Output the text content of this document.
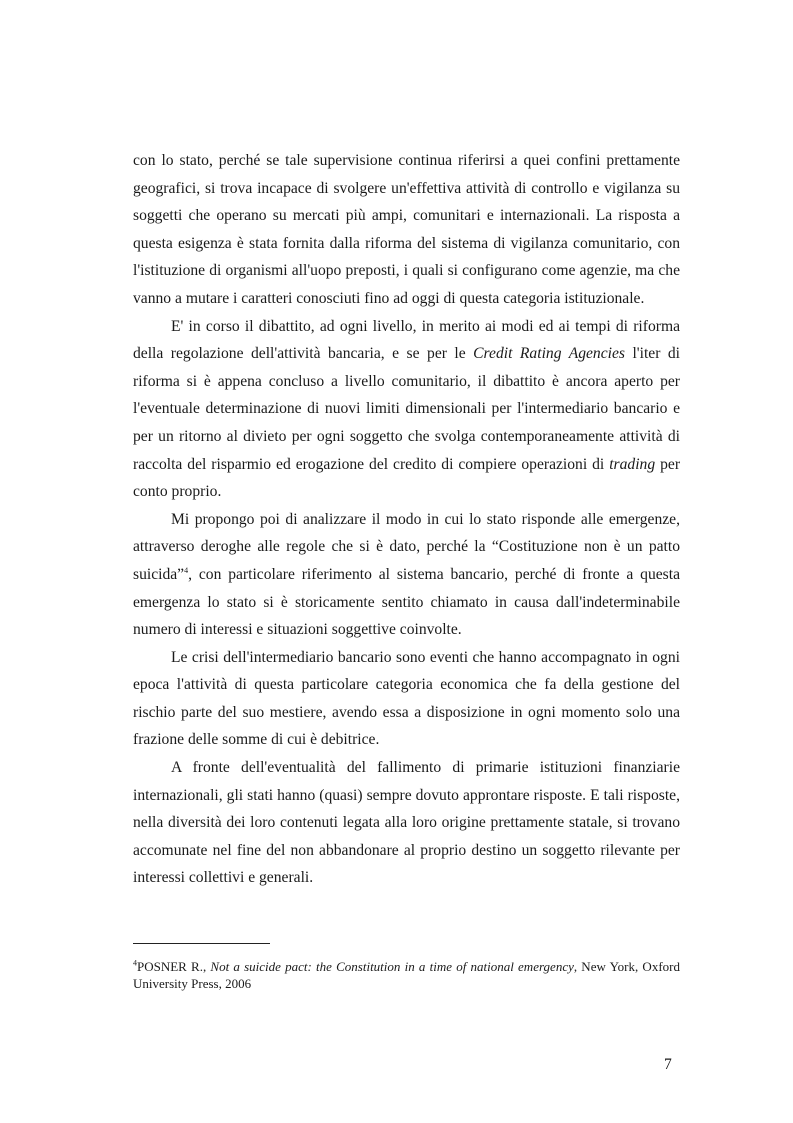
con lo stato, perché se tale supervisione continua riferirsi a quei confini prettamente geografici, si trova incapace di svolgere un'effettiva attività di controllo e vigilanza su soggetti che operano su mercati più ampi, comunitari e internazionali. La risposta a questa esigenza è stata fornita dalla riforma del sistema di vigilanza comunitario, con l'istituzione di organismi all'uopo preposti, i quali si configurano come agenzie, ma che vanno a mutare i caratteri conosciuti fino ad oggi di questa categoria istituzionale.

E' in corso il dibattito, ad ogni livello, in merito ai modi ed ai tempi di riforma della regolazione dell'attività bancaria, e se per le Credit Rating Agencies l'iter di riforma si è appena concluso a livello comunitario, il dibattito è ancora aperto per l'eventuale determinazione di nuovi limiti dimensionali per l'intermediario bancario e per un ritorno al divieto per ogni soggetto che svolga contemporaneamente attività di raccolta del risparmio ed erogazione del credito di compiere operazioni di trading per conto proprio.

Mi propongo poi di analizzare il modo in cui lo stato risponde alle emergenze, attraverso deroghe alle regole che si è dato, perché la “Costituzione non è un patto suicida”$^4$, con particolare riferimento al sistema bancario, perché di fronte a questa emergenza lo stato si è storicamente sentito chiamato in causa dall'indeterminabile numero di interessi e situazioni soggettive coinvolte.

Le crisi dell'intermediario bancario sono eventi che hanno accompagnato in ogni epoca l'attività di questa particolare categoria economica che fa della gestione del rischio parte del suo mestiere, avendo essa a disposizione in ogni momento solo una frazione delle somme di cui è debitrice.

A fronte dell'eventualità del fallimento di primarie istituzioni finanziarie internazionali, gli stati hanno (quasi) sempre dovuto approntare risposte. E tali risposte, nella diversità dei loro contenuti legata alla loro origine prettamente statale, si trovano accomunate nel fine del non abbandonare al proprio destino un soggetto rilevante per interessi collettivi e generali.

$^4$POSNER R., Not a suicide pact: the Constitution in a time of national emergency, New York, Oxford University Press, 2006
7
